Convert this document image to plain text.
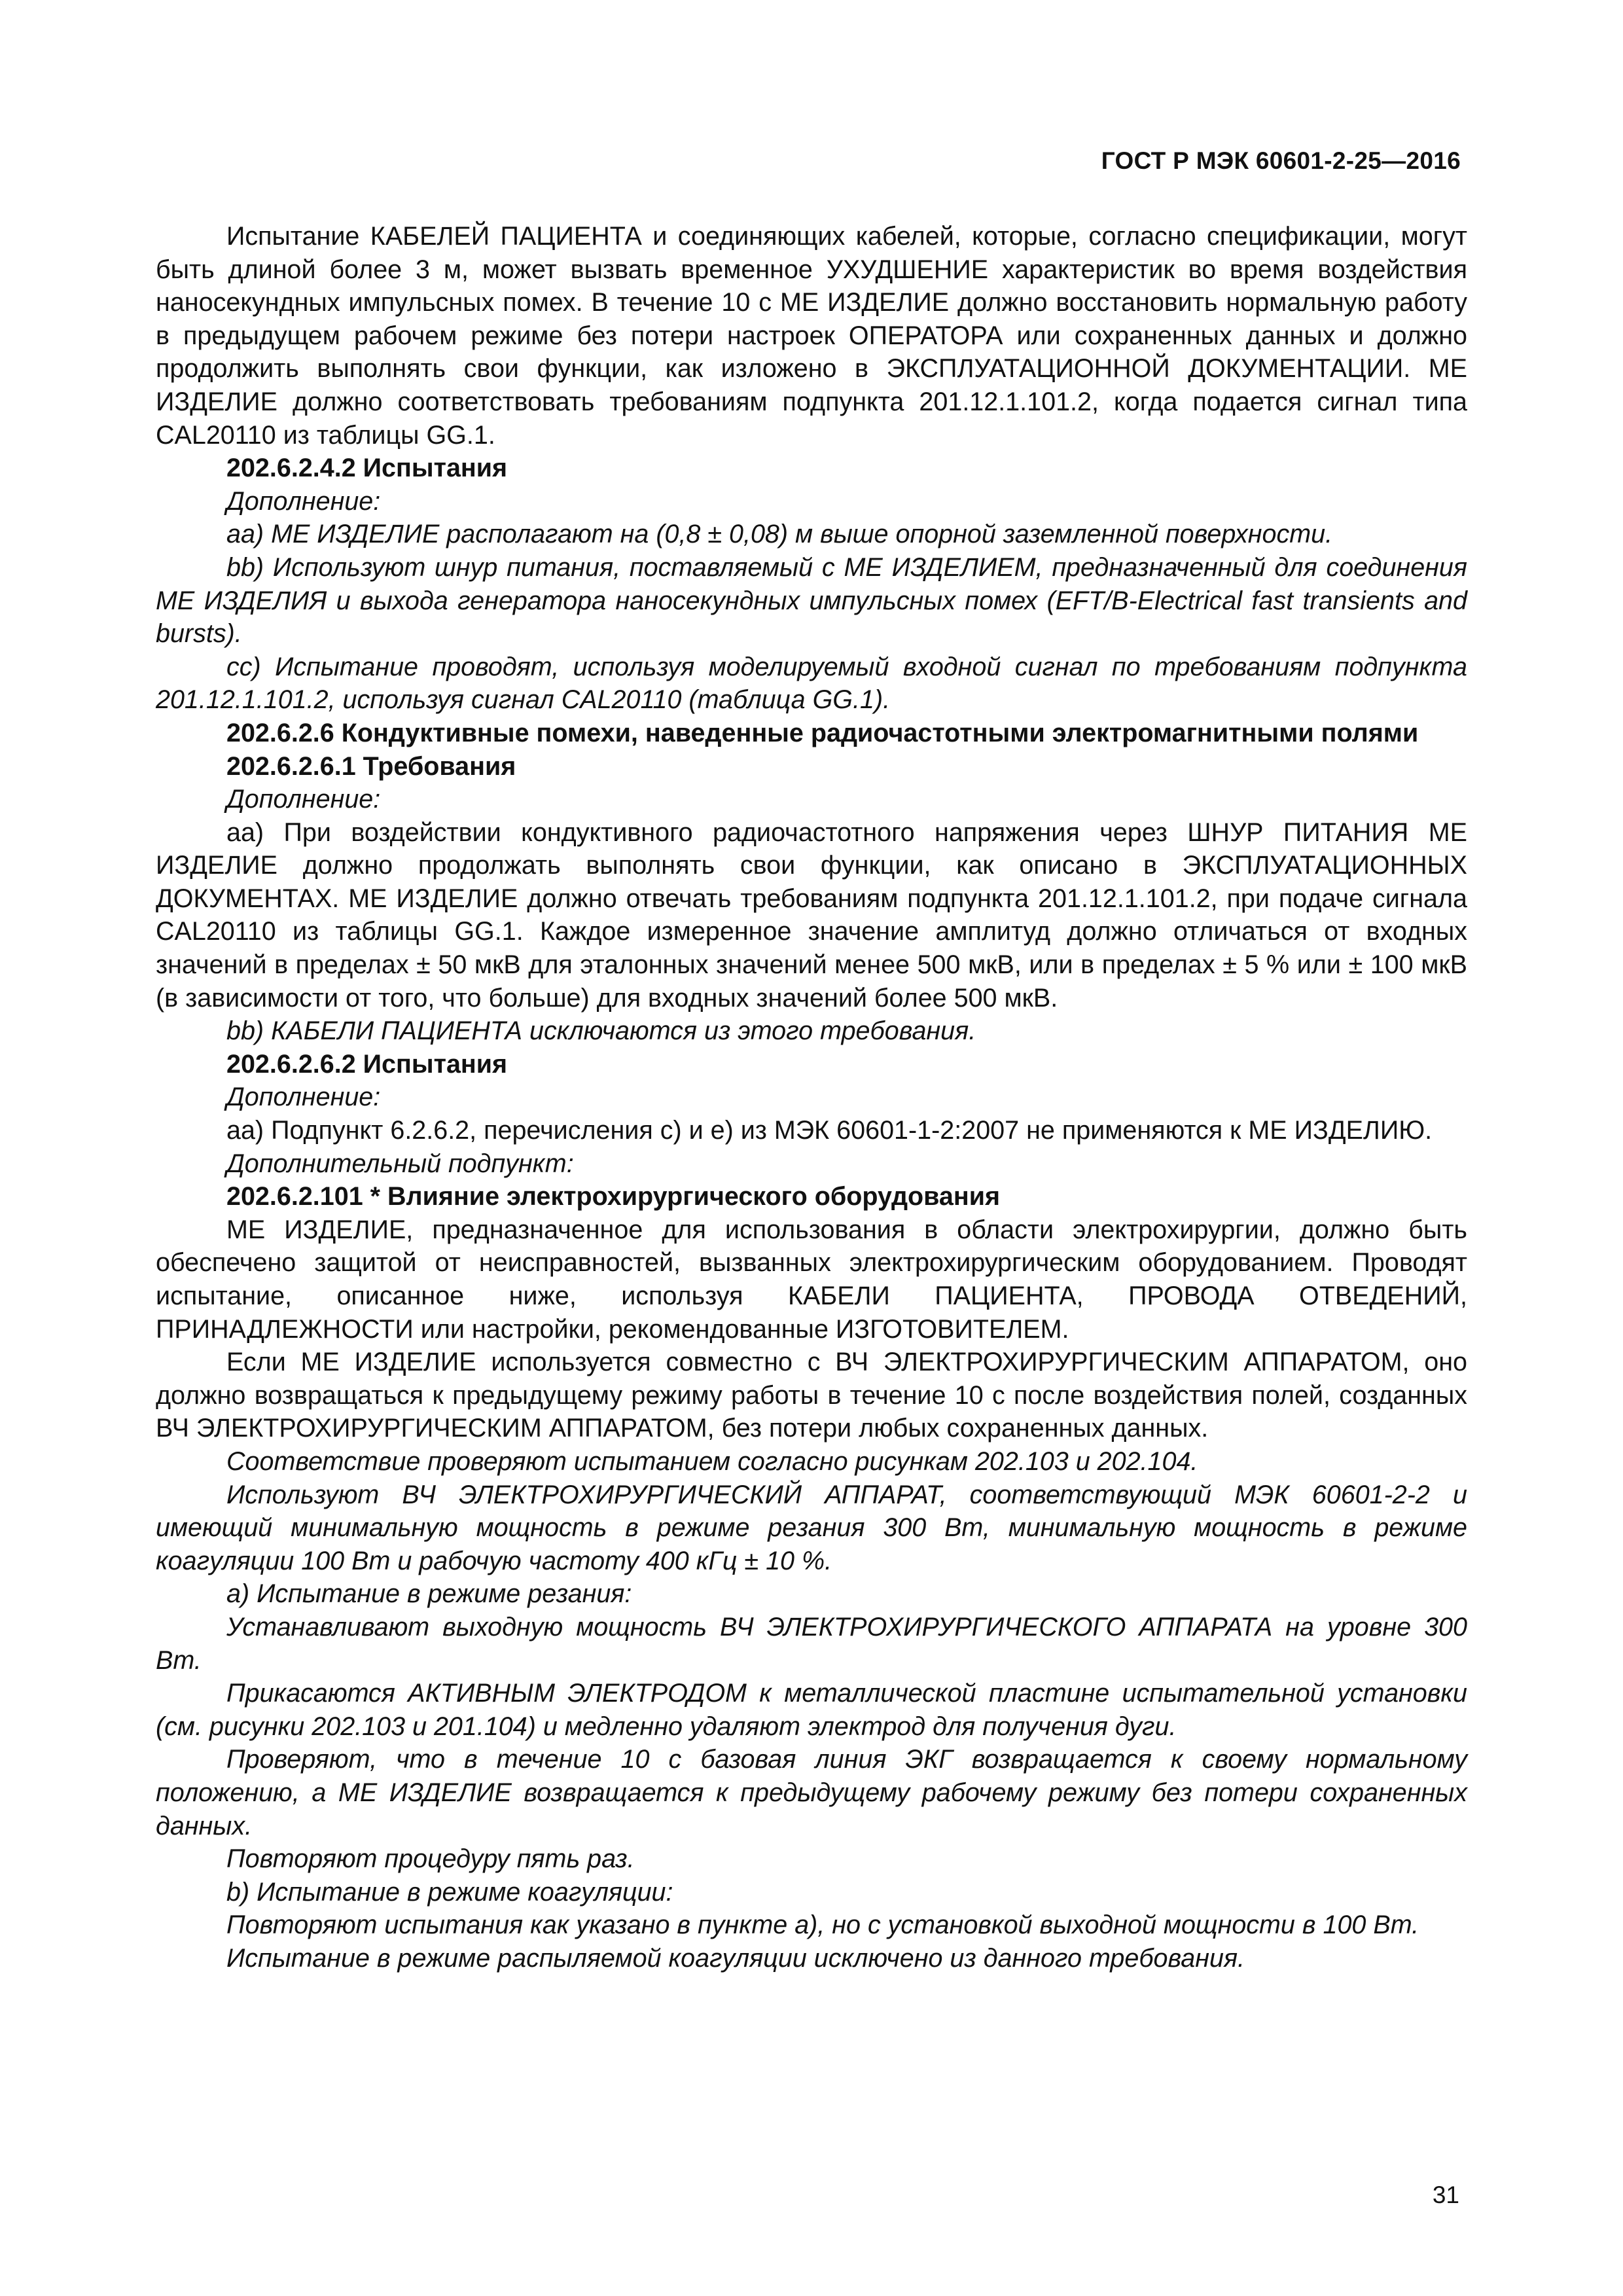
ГОСТ Р МЭК 60601-2-25—2016

Испытание КАБЕЛЕЙ ПАЦИЕНТА и соединяющих кабелей, которые, согласно спецификации, могут быть длиной более 3 м, может вызвать временное УХУДШЕНИЕ характеристик во время воздействия наносекундных импульсных помех. В течение 10 с МЕ ИЗДЕЛИЕ должно восстановить нормальную работу в предыдущем рабочем режиме без потери настроек ОПЕРАТОРА или сохраненных данных и должно продолжить выполнять свои функции, как изложено в ЭКСПЛУАТАЦИОННОЙ ДОКУМЕНТАЦИИ. МЕ ИЗДЕЛИЕ должно соответствовать требованиям подпункта 201.12.1.101.2, когда подается сигнал типа CAL20110 из таблицы GG.1.

202.6.2.4.2 Испытания

Дополнение:

аа) МЕ ИЗДЕЛИЕ располагают на (0,8 ± 0,08) м выше опорной заземленной поверхности.

bb) Используют шнур питания, поставляемый с МЕ ИЗДЕЛИЕМ, предназначенный для соединения МЕ ИЗДЕЛИЯ и выхода генератора наносекундных импульсных помех (EFT/B-Electrical fast transients and bursts).

сс) Испытание проводят, используя моделируемый входной сигнал по требованиям подпункта 201.12.1.101.2, используя сигнал CAL20110 (таблица GG.1).

202.6.2.6 Кондуктивные помехи, наведенные радиочастотными электромагнитными полями

202.6.2.6.1 Требования

Дополнение:

аа) При воздействии кондуктивного радиочастотного напряжения через ШНУР ПИТАНИЯ МЕ ИЗДЕЛИЕ должно продолжать выполнять свои функции, как описано в ЭКСПЛУАТАЦИОННЫХ ДОКУМЕНТАХ. МЕ ИЗДЕЛИЕ должно отвечать требованиям подпункта 201.12.1.101.2, при подаче сигнала CAL20110 из таблицы GG.1. Каждое измеренное значение амплитуд должно отличаться от входных значений в пределах ± 50 мкВ для эталонных значений менее 500 мкВ, или в пределах ± 5 % или ± 100 мкВ (в зависимости от того, что больше) для входных значений более 500 мкВ.

bb) КАБЕЛИ ПАЦИЕНТА исключаются из этого требования.

202.6.2.6.2 Испытания

Дополнение:

аа) Подпункт 6.2.6.2, перечисления с) и е) из МЭК 60601-1-2:2007 не применяются к МЕ ИЗДЕЛИЮ.

Дополнительный подпункт:

202.6.2.101 * Влияние электрохирургического оборудования

МЕ ИЗДЕЛИЕ, предназначенное для использования в области электрохирургии, должно быть обеспечено защитой от неисправностей, вызванных электрохирургическим оборудованием. Проводят испытание, описанное ниже, используя КАБЕЛИ ПАЦИЕНТА, ПРОВОДА ОТВЕДЕНИЙ, ПРИНАДЛЕЖНОСТИ или настройки, рекомендованные ИЗГОТОВИТЕЛЕМ.

Если МЕ ИЗДЕЛИЕ используется совместно с ВЧ ЭЛЕКТРОХИРУРГИЧЕСКИМ АППАРАТОМ, оно должно возвращаться к предыдущему режиму работы в течение 10 с после воздействия полей, созданных ВЧ ЭЛЕКТРОХИРУРГИЧЕСКИМ АППАРАТОМ, без потери любых сохраненных данных.

Соответствие проверяют испытанием согласно рисункам 202.103 и 202.104.

Используют ВЧ ЭЛЕКТРОХИРУРГИЧЕСКИЙ АППАРАТ, соответствующий МЭК 60601-2-2 и имеющий минимальную мощность в режиме резания 300 Вт, минимальную мощность в режиме коагуляции 100 Вт и рабочую частоту 400 кГц ± 10 %.

а) Испытание в режиме резания:

Устанавливают выходную мощность ВЧ ЭЛЕКТРОХИРУРГИЧЕСКОГО АППАРАТА на уровне 300 Вт.

Прикасаются АКТИВНЫМ ЭЛЕКТРОДОМ к металлической пластине испытательной установки (см. рисунки 202.103 и 201.104) и медленно удаляют электрод для получения дуги.

Проверяют, что в течение 10 с базовая линия ЭКГ возвращается к своему нормальному положению, а МЕ ИЗДЕЛИЕ возвращается к предыдущему рабочему режиму без потери сохраненных данных.

Повторяют процедуру пять раз.

b) Испытание в режиме коагуляции:

Повторяют испытания как указано в пункте а), но с установкой выходной мощности в 100 Вт.

Испытание в режиме распыляемой коагуляции исключено из данного требования.

31
